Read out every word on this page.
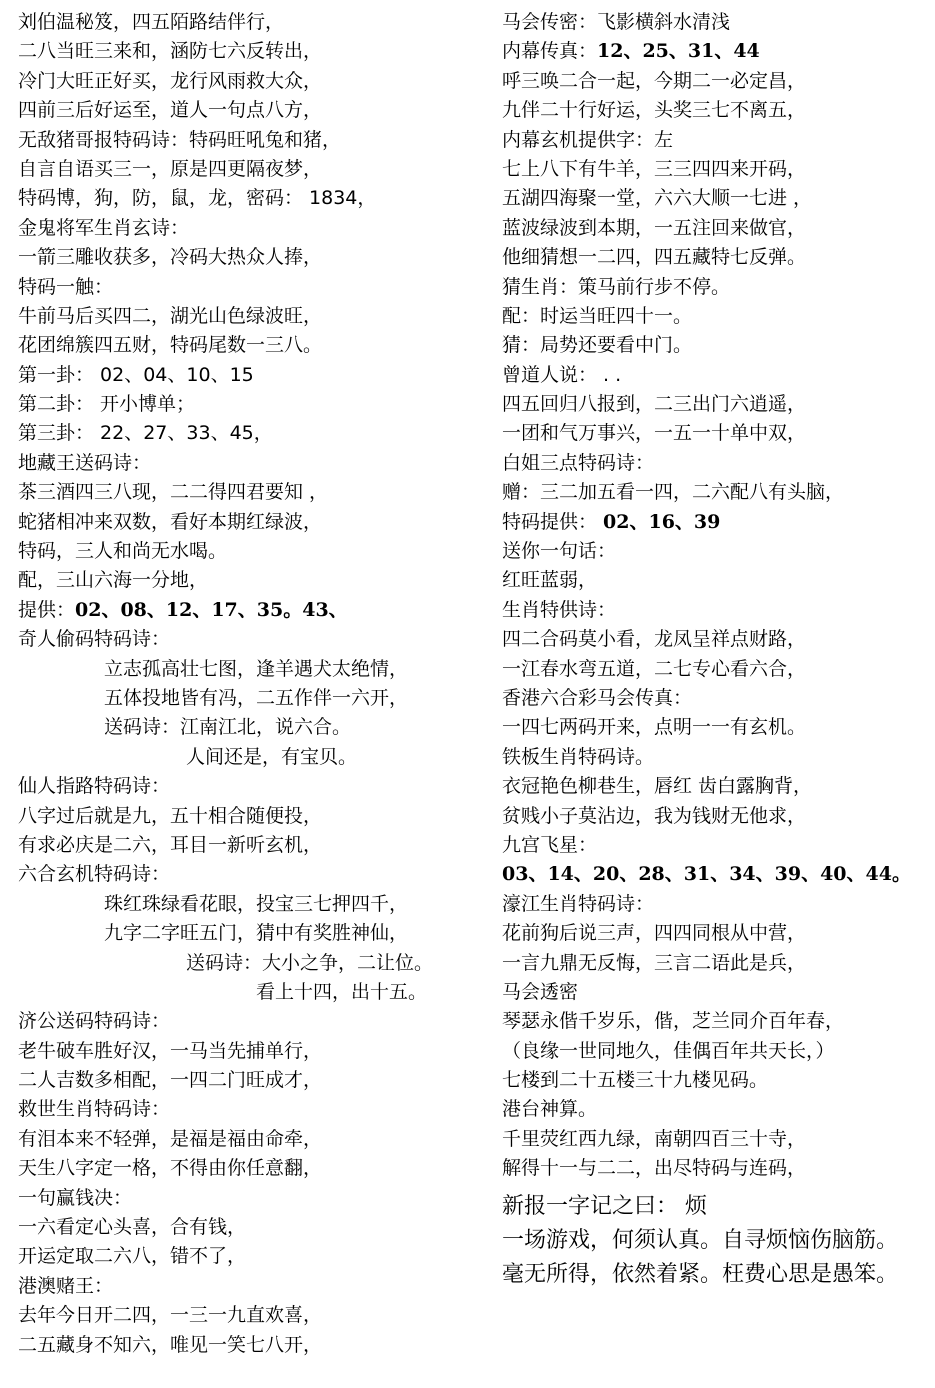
刘伯温秘笈，四五陌路结伴行，
二八当旺三来和，涵防七六反转出，
冷门大旺正好买，龙行风雨救大众，
四前三后好运至，道人一句点八方，
无敌猪哥报特码诗：特码旺吼兔和猪，
自言自语买三一，原是四更隔夜梦，
特码博，狗，防，鼠，龙，密码： 1834，
金鬼将军生肖玄诗：
一箭三雕收获多，冷码大热众人捧，
特码一触：
牛前马后买四二，湖光山色绿波旺，
花团绵簇四五财，特码尾数一三八。
第一卦： 02、04、10、15
第二卦： 开小博单；
第三卦： 22、27、33、45，
地藏王送码诗：
茶三酒四三八现，二二得四君要知 ，
蛇猪相冲来双数，看好本期红绿波，
特码，三人和尚无水喝。
配，三山六海一分地，
提供：02、08、12、17、35。43、
奇人偷码特码诗：
立志孤高壮七图，逢羊遇犬太绝情，
五体投地皆有冯，二五作伴一六开，
送码诗：江南江北，说六合。
人间还是，有宝贝。
仙人指路特码诗：
八字过后就是九，五十相合随便投，
有求必庆是二六，耳目一新听玄机，
六合玄机特码诗：
珠红珠绿看花眼，投宝三七押四千，
九字二字旺五门，猜中有奖胜神仙，
送码诗：大小之争，二让位。
看上十四，出十五。
济公送码特码诗：
老牛破车胜好汉，一马当先捕单行，
二人吉数多相配，一四二门旺成才，
救世生肖特码诗：
有泪本来不轻弹，是福是福由命牵，
天生八字定一格，不得由你任意翻，
一句赢钱决：
一六看定心头喜，合有钱，
开运定取二六八，错不了，
港澳赌王：
去年今日开二四，一三一九直欢喜，
二五藏身不知六，唯见一笑七八开，
马会传密：飞影横斜水清浅
内幕传真：12、25、31、44
呼三唤二合一起，今期二一必定昌，
九伴二十行好运，头奖三七不离五，
内幕玄机提供字：左
七上八下有牛羊，三三四四来开码，
五湖四海聚一堂，六六大顺一七进 ，
蓝波绿波到本期，一五注回来做官，
他细猜想一二四，四五藏特七反弹。
猜生肖：策马前行步不停。
配：时运当旺四十一。
猜：局势还要看中门。
曾道人说： . .
四五回归八报到，二三出门六逍遥，
一团和气万事兴，一五一十单中双，
白姐三点特码诗：
赠：三二加五看一四，二六配八有头脑，
特码提供： 02、16、39
送你一句话：
红旺蓝弱，
生肖特供诗：
四二合码莫小看，龙凤呈祥点财路，
一江春水弯五道，二七专心看六合，
香港六合彩马会传真：
一四七两码开来，点明一一有玄机。
铁板生肖特码诗。
衣冠艳色柳巷生，唇红 齿白露胸背，
贫贱小子莫沾边，我为钱财无他求，
九宫飞星：
03、14、20、28、31、34、39、40、44。
濠江生肖特码诗：
花前狗后说三声，四四同根从中营，
一言九鼎无反悔，三言二语此是兵，
马会透密
琴瑟永偕千岁乐，偕，芝兰同介百年春，
（良缘一世同地久，佳偶百年共天长，）
七楼到二十五楼三十九楼见码。
港台神算。
千里荧红西九绿，南朝四百三十寺，
解得十一与二二，出尽特码与连码，
新报一字记之曰： 烦
一场游戏，何须认真。自寻烦恼伤脑筋。
毫无所得，依然着紧。枉费心思是愚笨。
